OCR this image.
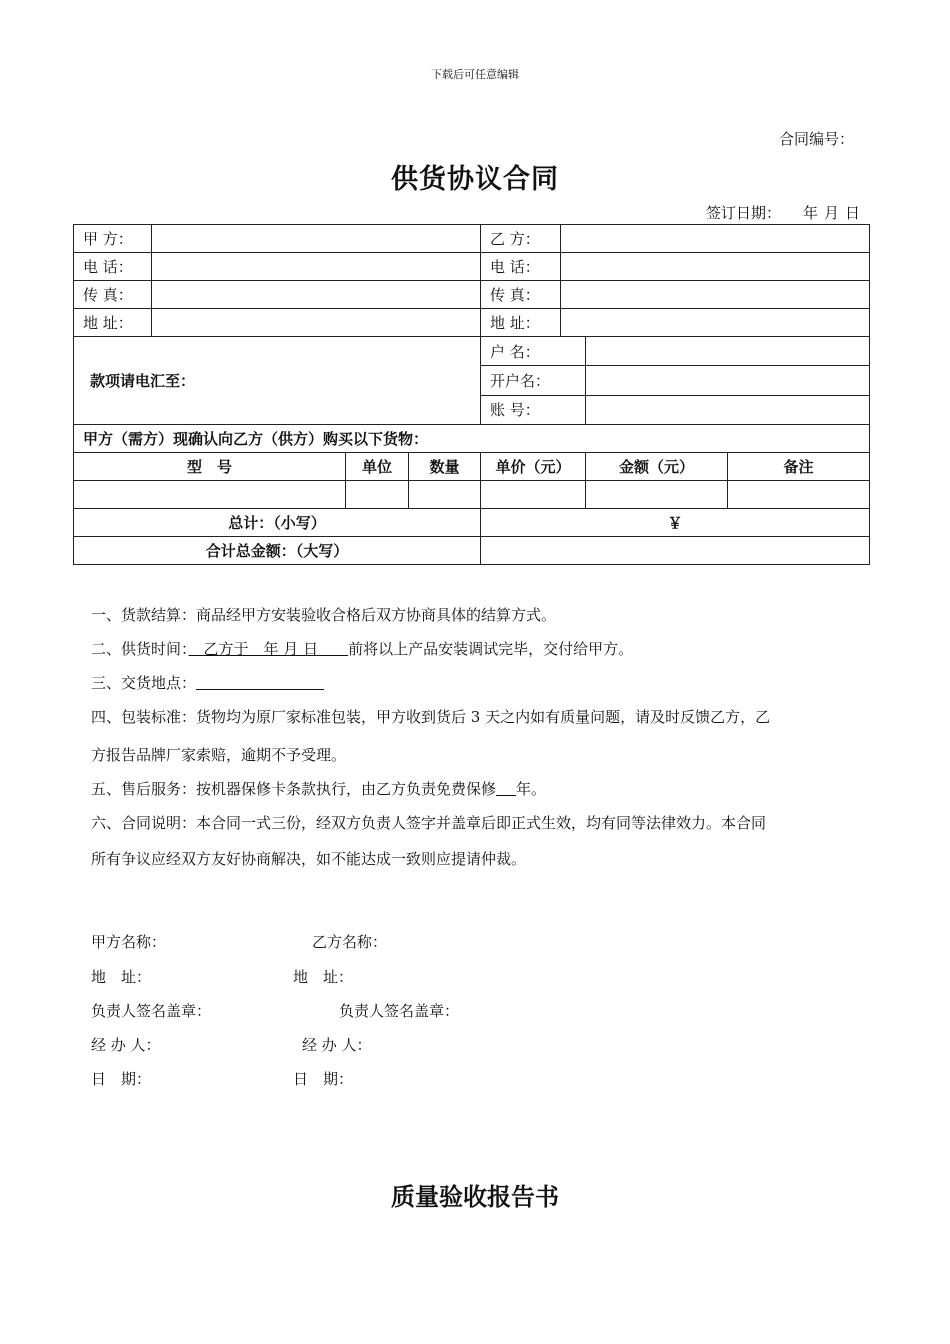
下载后可任意编辑
合同编号：
供货协议合同
签订日期： 年 月 日
甲 方：				乙 方：			
电 话：				电 话：			
传 真：				传 真：			
地 址：				地 址：			
款项请电汇至：				户 名：			
				开户名：			
				账 号：			
甲方（需方）现确认向乙方（供方）购买以下货物：							
型　号		单位	数量	单价（元）		金额（元）	备注

总计：（小写）				￥			
合计总金额：（大写）							
一、货款结算：商品经甲方安装验收合格后双方协商具体的结算方式。
二、供货时间：　 乙方于　年 月 日　　 前将以上产品安装调试完毕，交付给甲方。
三、交货地点：
四、包装标准：货物均为原厂家标准包装，甲方收到货后 3 天之内如有质量问题，请及时反馈乙方，乙
方报告品牌厂家索赔，逾期不予受理。
五、售后服务：按机器保修卡条款执行，由乙方负责免费保修 年。
六、合同说明：本合同一式三份，经双方负责人签字并盖章后即正式生效，均有同等法律效力。本合同
所有争议应经双方友好协商解决，如不能达成一致则应提请仲裁。
甲方名称：	乙方名称：
地　址：	地　址：
负责人签名盖章：	负责人签名盖章：
经 办 人：	经 办 人：
日　期：	日　期：
质量验收报告书
